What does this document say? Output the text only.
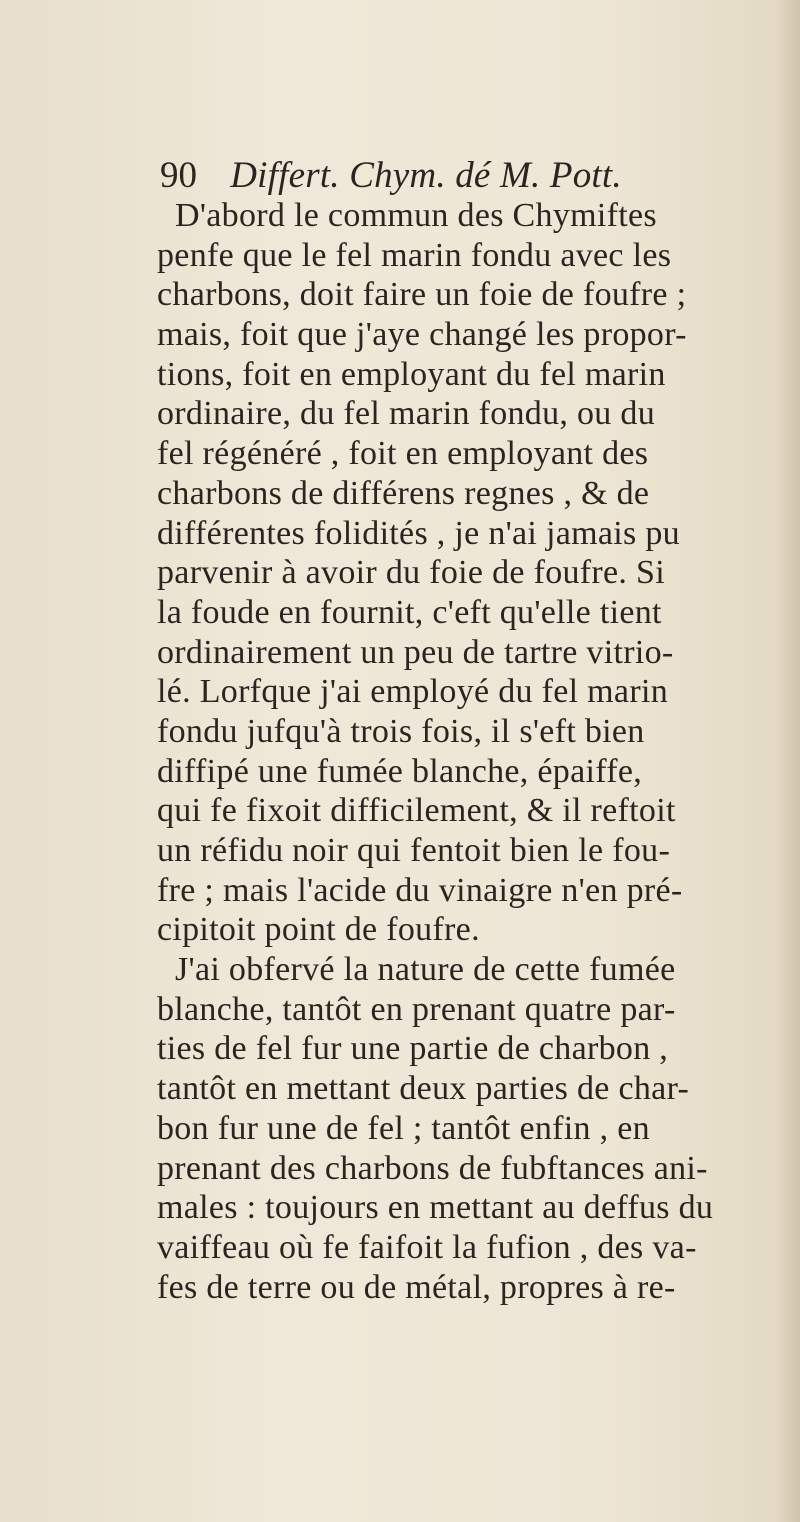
90 Differt. Chym. dé M. Pott.
D'abord le commun des Chymiftes
penfe que le fel marin fondu avec les
charbons, doit faire un foie de foufre ;
mais, foit que j'aye changé les propor-
tions, foit en employant du fel marin
ordinaire, du fel marin fondu, ou du
fel régénéré , foit en employant des
charbons de différens regnes , & de
différentes folidités , je n'ai jamais pu
parvenir à avoir du foie de foufre. Si
la foude en fournit, c'eft qu'elle tient
ordinairement un peu de tartre vitrio-
lé. Lorfque j'ai employé du fel marin
fondu jufqu'à trois fois, il s'eft bien
diffipé une fumée blanche, épaiffe,
qui fe fixoit difficilement, & il reftoit
un réfidu noir qui fentoit bien le fou-
fre ; mais l'acide du vinaigre n'en pré-
cipitoit point de foufre.
J'ai obfervé la nature de cette fumée
blanche, tantôt en prenant quatre par-
ties de fel fur une partie de charbon ,
tantôt en mettant deux parties de char-
bon fur une de fel ; tantôt enfin , en
prenant des charbons de fubftances ani-
males : toujours en mettant au deffus du
vaiffeau où fe faifoit la fufion , des va-
fes de terre ou de métal, propres à re-
